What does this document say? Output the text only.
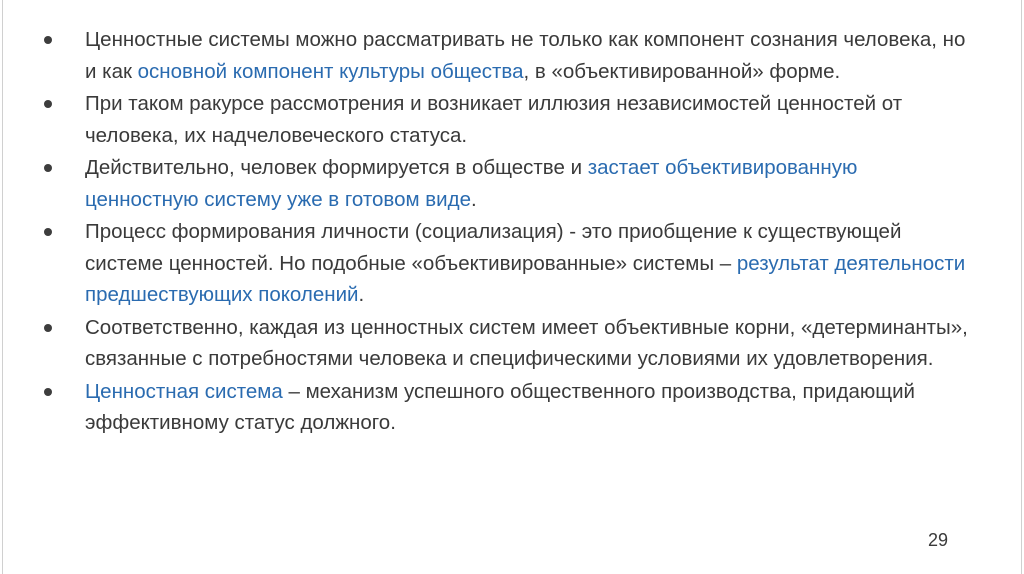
Ценностные системы можно рассматривать не только как компонент сознания человека, но и как основной компонент культуры общества, в «объективированной» форме.
При таком ракурсе рассмотрения и возникает иллюзия независимостей ценностей от человека, их надчеловеческого статуса.
Действительно, человек формируется в обществе и застает объективированную ценностную систему уже в готовом виде.
Процесс формирования личности (социализация) - это приобщение к существующей системе ценностей. Но подобные «объективированные» системы – результат деятельности предшествующих поколений.
Соответственно, каждая из ценностных систем имеет объективные корни, «детерминанты», связанные с потребностями человека и специфическими условиями их удовлетворения.
Ценностная система – механизм успешного общественного производства, придающий эффективному статус должного.
29
